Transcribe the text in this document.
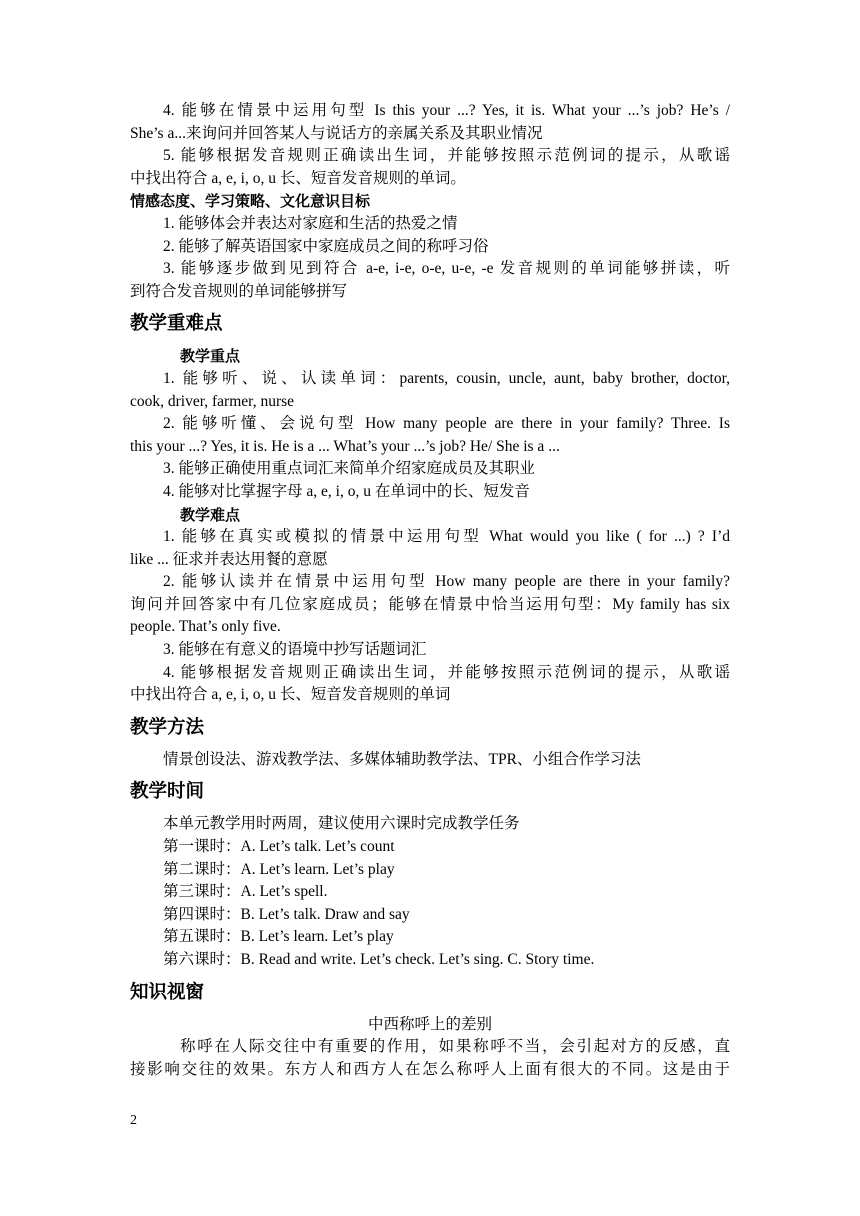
4. 能够在情景中运用句型 Is this your ...? Yes, it is. What your ...’s job? He’s /

She’s a...来询问并回答某人与说话方的亲属关系及其职业情况

5. 能够根据发音规则正确读出生词，并能够按照示范例词的提示，从歌谣

中找出符合 a, e, i, o, u 长、短音发音规则的单词。

情感态度、学习策略、文化意识目标

1. 能够体会并表达对家庭和生活的热爱之情

2. 能够了解英语国家中家庭成员之间的称呼习俗

3. 能够逐步做到见到符合 a-e, i-e, o-e, u-e, -e 发音规则的单词能够拼读，听

到符合发音规则的单词能够拼写

教学重难点

教学重点

1. 能够听、说、认读单词：parents, cousin, uncle, aunt, baby brother, doctor,

cook, driver, farmer, nurse

2. 能够听懂、会说句型 How many people are there in your family? Three. Is

this your ...? Yes, it is. He is a ... What’s your ...’s job? He/ She is a ...

3. 能够正确使用重点词汇来简单介绍家庭成员及其职业

4. 能够对比掌握字母 a, e, i, o, u 在单词中的长、短发音

教学难点

1. 能够在真实或模拟的情景中运用句型 What would you like ( for ...) ? I’d

like ... 征求并表达用餐的意愿

2. 能够认读并在情景中运用句型 How many people are there in your family?

询问并回答家中有几位家庭成员；能够在情景中恰当运用句型：My family has six

people. That’s only five.

3. 能够在有意义的语境中抄写话题词汇

4. 能够根据发音规则正确读出生词，并能够按照示范例词的提示，从歌谣

中找出符合 a, e, i, o, u 长、短音发音规则的单词

教学方法

情景创设法、游戏教学法、多媒体辅助教学法、TPR、小组合作学习法

教学时间

本单元教学用时两周，建议使用六课时完成教学任务

第一课时：A. Let’s talk. Let’s count

第二课时：A. Let’s learn. Let’s play

第三课时：A. Let’s spell.

第四课时：B. Let’s talk. Draw and say

第五课时：B. Let’s learn. Let’s play

第六课时：B. Read and write. Let’s check. Let’s sing. C. Story time.

知识视窗

中西称呼上的差别

称呼在人际交往中有重要的作用，如果称呼不当，会引起对方的反感，直

接影响交往的效果。东方人和西方人在怎么称呼人上面有很大的不同。这是由于

2
